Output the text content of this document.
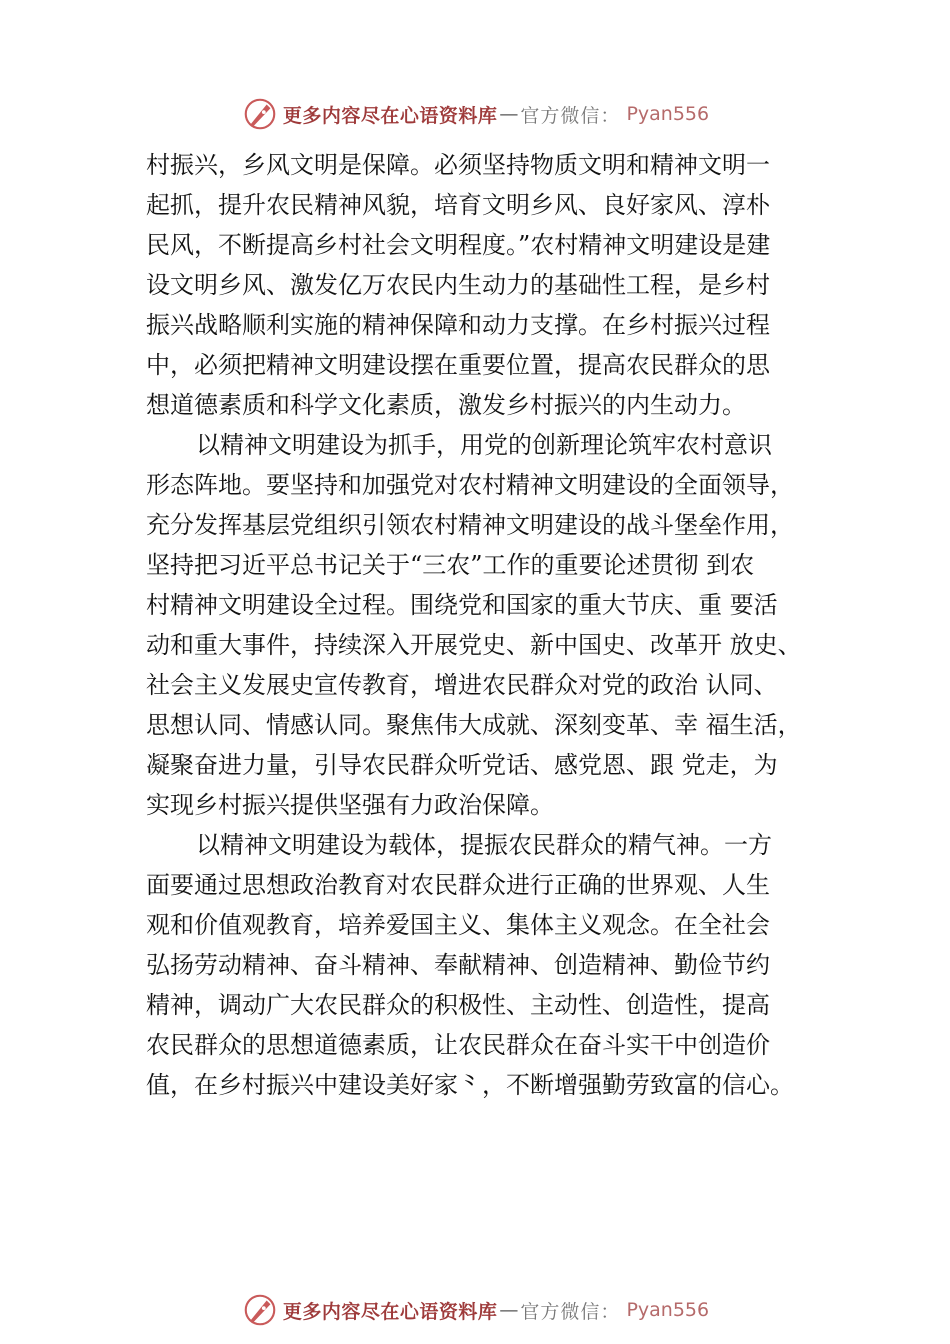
更多内容尽在心语资料库 — 官方微信： Pyan556
村振兴，乡风文明是保障。必须坚持物质文明和精神文明一
起抓，提升农民精神风貌，培育文明乡风、良好家风、淳朴
民风，不断提高乡村社会文明程度。”农村精神文明建设是建
设文明乡风、激发亿万农民内生动力的基础性工程，是乡村
振兴战略顺利实施的精神保障和动力支撑。在乡村振兴过程
中，必须把精神文明建设摆在重要位置，提高农民群众的思
想道德素质和科学文化素质，激发乡村振兴的内生动力。
以精神文明建设为抓手，用党的创新理论筑牢农村意识
形态阵地。要坚持和加强党对农村精神文明建设的全面领导，
充分发挥基层党组织引领农村精神文明建设的战斗堡垒作用，
坚持把习近平总书记关于“三农”工作的重要论述贯彻 到农
村精神文明建设全过程。围绕党和国家的重大节庆、重 要活
动和重大事件，持续深入开展党史、新中国史、改革开 放史、
社会主义发展史宣传教育，增进农民群众对党的政治 认同、
思想认同、情感认同。聚焦伟大成就、深刻变革、幸 福生活，
凝聚奋进力量，引导农民群众听党话、感党恩、跟 党走，为
实现乡村振兴提供坚强有力政治保障。
以精神文明建设为载体，提振农民群众的精气神。一方
面要通过思想政治教育对农民群众进行正确的世界观、人生
观和价值观教育，培养爱国主义、集体主义观念。在全社会
弘扬劳动精神、奋斗精神、奉献精神、创造精神、勤俭节约
精神，调动广大农民群众的积极性、主动性、创造性，提高
农民群众的思想道德素质，让农民群众在奋斗实干中创造价
值，在乡村振兴中建设美好家⺀，不断增强勤劳致富的信心。
更多内容尽在心语资料库 — 官方微信： Pyan556
